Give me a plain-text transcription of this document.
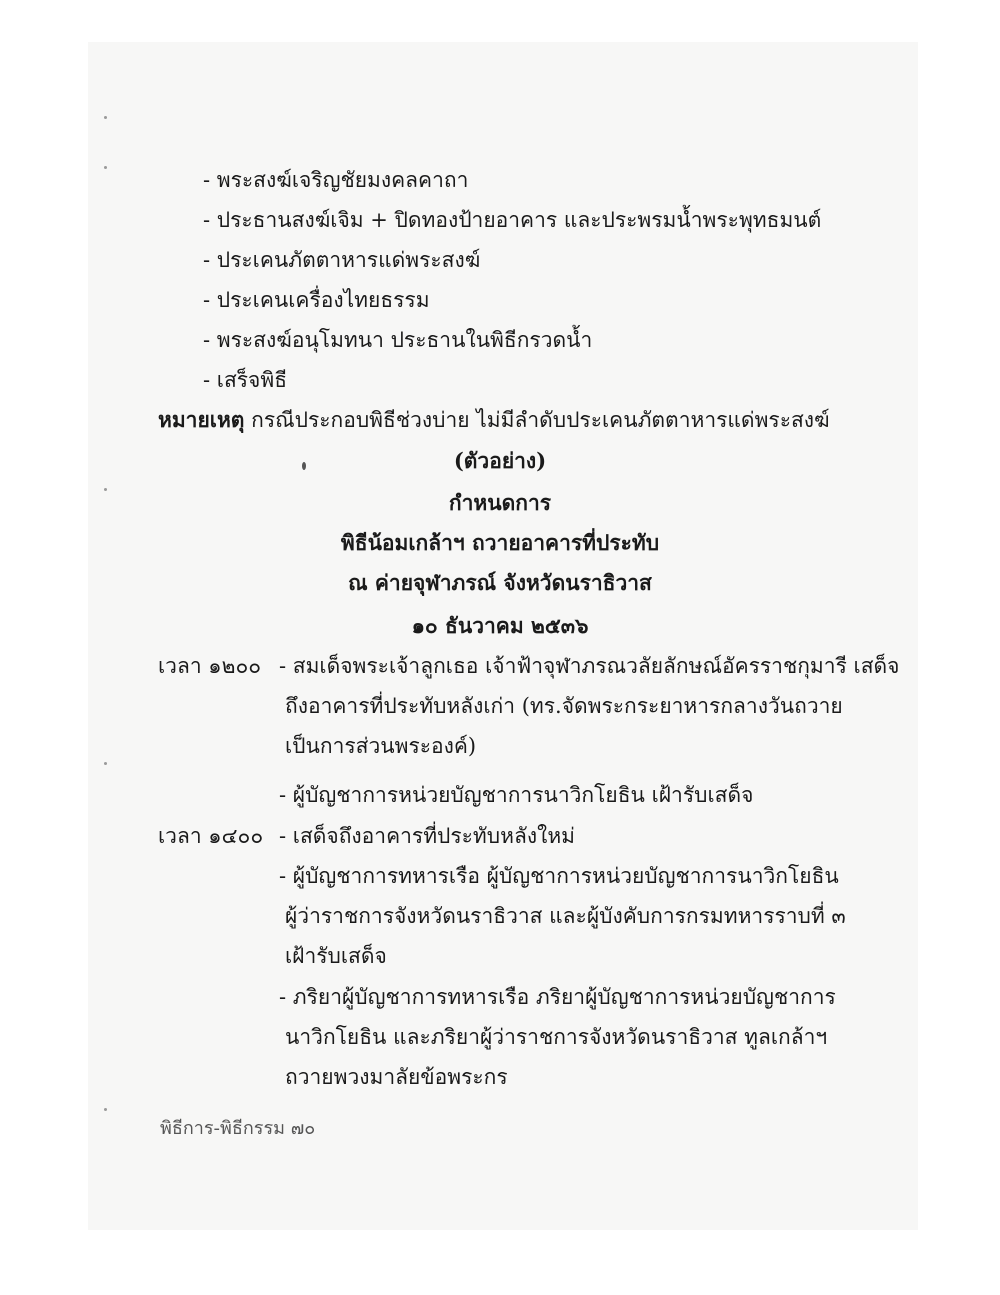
- พระสงฆ์เจริญชัยมงคลคาถา
- ประธานสงฆ์เจิม + ปิดทองป้ายอาคาร และประพรมน้ำพระพุทธมนต์
- ประเคนภัตตาหารแด่พระสงฆ์
- ประเคนเครื่องไทยธรรม
- พระสงฆ์อนุโมทนา ประธานในพิธีกรวดน้ำ
- เสร็จพิธี
หมายเหตุ กรณีประกอบพิธีช่วงบ่าย ไม่มีลำดับประเคนภัตตาหารแด่พระสงฆ์
(ตัวอย่าง)
กำหนดการ
พิธีน้อมเกล้าฯ ถวายอาคารที่ประทับ
ณ ค่ายจุฬาภรณ์ จังหวัดนราธิวาส
๑๐ ธันวาคม ๒๕๓๖
เวลา ๑๒๐๐ - สมเด็จพระเจ้าลูกเธอ เจ้าฟ้าจุฬาภรณวลัยลักษณ์อัครราชกุมารี เสด็จ
ถึงอาคารที่ประทับหลังเก่า (ทร.จัดพระกระยาหารกลางวันถวาย
เป็นการส่วนพระองค์)
- ผู้บัญชาการหน่วยบัญชาการนาวิกโยธิน เฝ้ารับเสด็จ
เวลา ๑๔๐๐ - เสด็จถึงอาคารที่ประทับหลังใหม่
- ผู้บัญชาการทหารเรือ ผู้บัญชาการหน่วยบัญชาการนาวิกโยธิน
ผู้ว่าราชการจังหวัดนราธิวาส และผู้บังคับการกรมทหารราบที่ ๓
เฝ้ารับเสด็จ
- ภริยาผู้บัญชาการทหารเรือ ภริยาผู้บัญชาการหน่วยบัญชาการ
นาวิกโยธิน และภริยาผู้ว่าราชการจังหวัดนราธิวาส ทูลเกล้าฯ
ถวายพวงมาลัยข้อพระกร
พิธีการ-พิธีกรรม ๗๐
